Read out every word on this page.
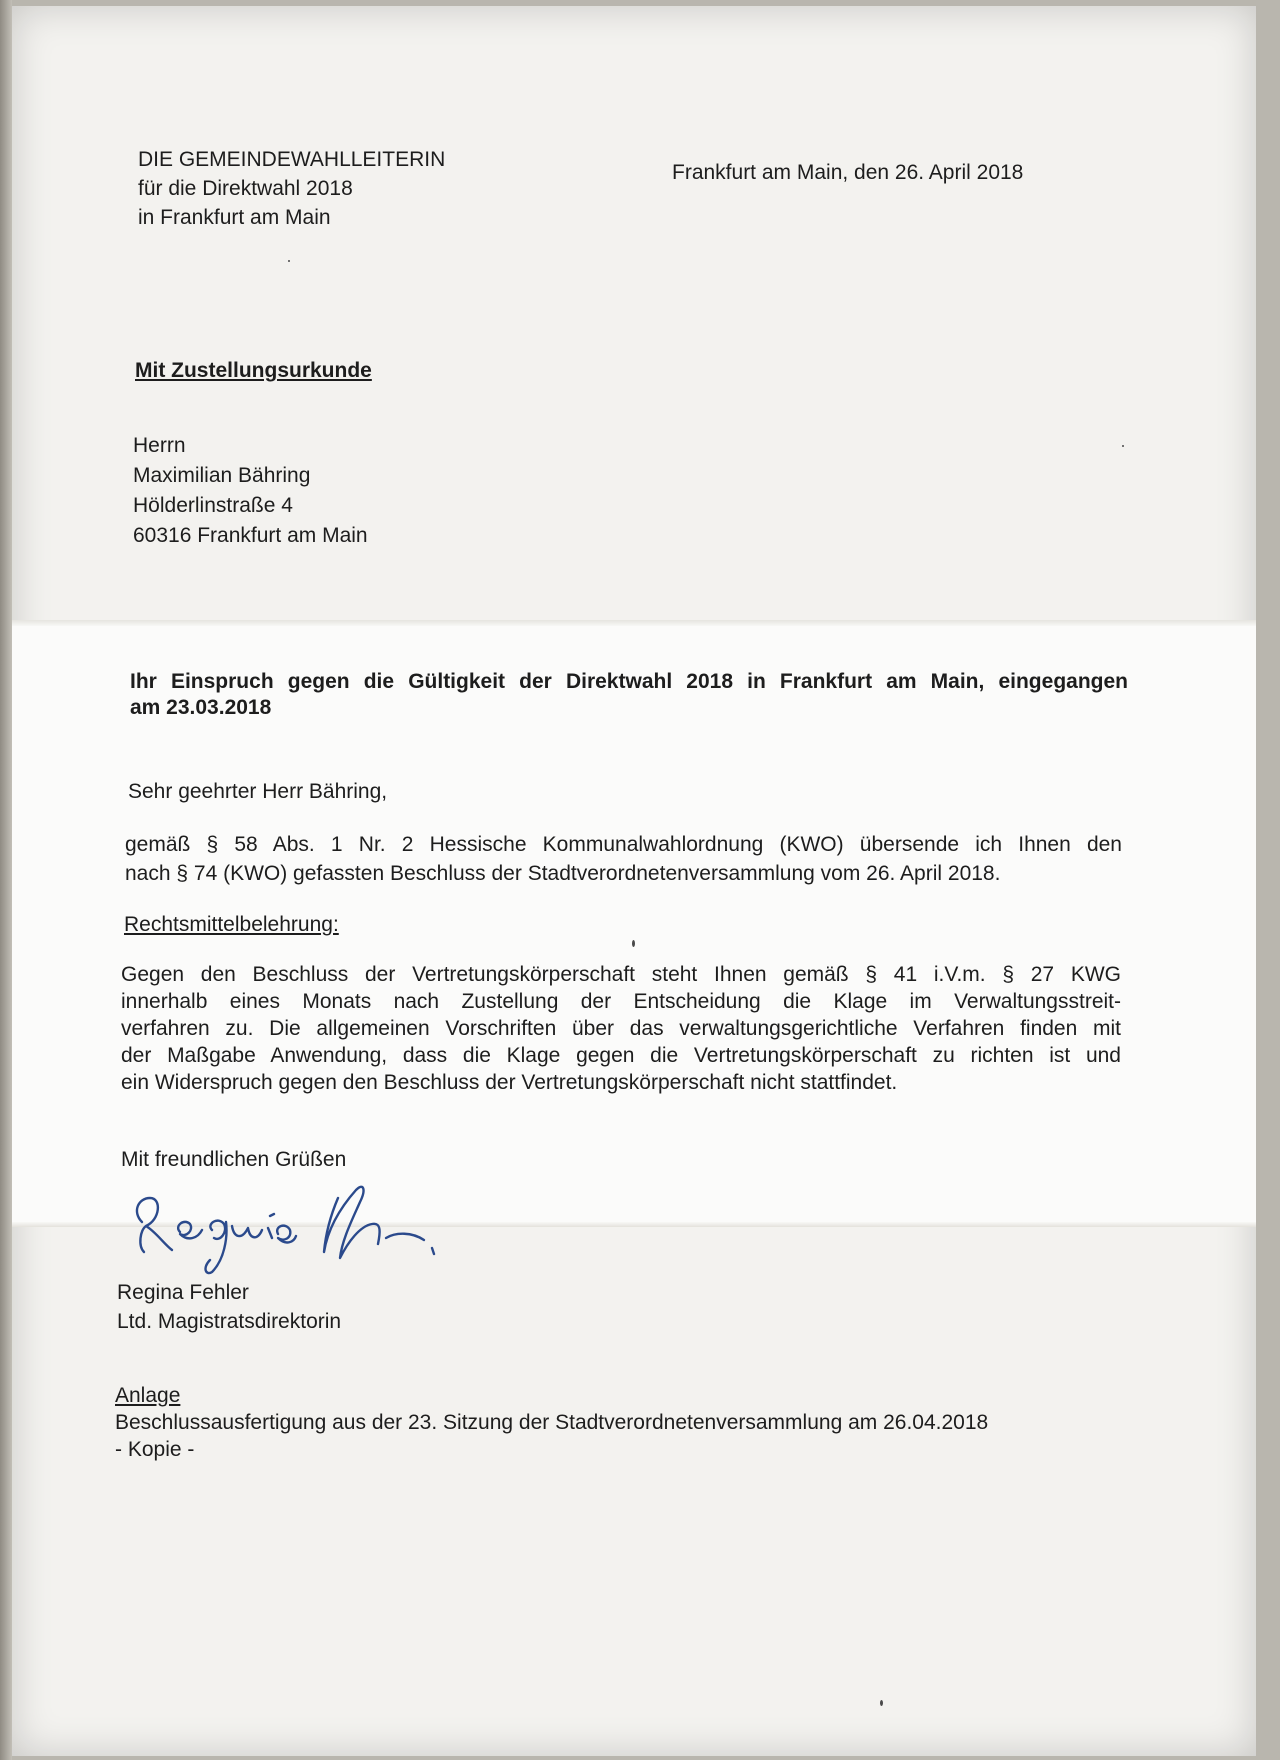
DIE GEMEINDEWAHLLEITERIN
für die Direktwahl 2018
in Frankfurt am Main
Frankfurt am Main, den 26. April 2018
Mit Zustellungsurkunde
Herrn
Maximilian Bähring
Hölderlinstraße 4
60316 Frankfurt am Main
Ihr Einspruch gegen die Gültigkeit der Direktwahl 2018 in Frankfurt am Main, eingegangen
am 23.03.2018
Sehr geehrter Herr Bähring,
gemäß § 58 Abs. 1 Nr. 2 Hessische Kommunalwahlordnung (KWO) übersende ich Ihnen den
nach § 74 (KWO) gefassten Beschluss der Stadtverordnetenversammlung vom 26. April 2018.
Rechtsmittelbelehrung:
Gegen den Beschluss der Vertretungskörperschaft steht Ihnen gemäß § 41 i.V.m. § 27 KWG
innerhalb eines Monats nach Zustellung der Entscheidung die Klage im Verwaltungsstreit-
verfahren zu. Die allgemeinen Vorschriften über das verwaltungsgerichtliche Verfahren finden mit
der Maßgabe Anwendung, dass die Klage gegen die Vertretungskörperschaft zu richten ist und
ein Widerspruch gegen den Beschluss der Vertretungskörperschaft nicht stattfindet.
Mit freundlichen Grüßen
Regina Fehler
Ltd. Magistratsdirektorin
Anlage
Beschlussausfertigung aus der 23. Sitzung der Stadtverordnetenversammlung am 26.04.2018
- Kopie -
